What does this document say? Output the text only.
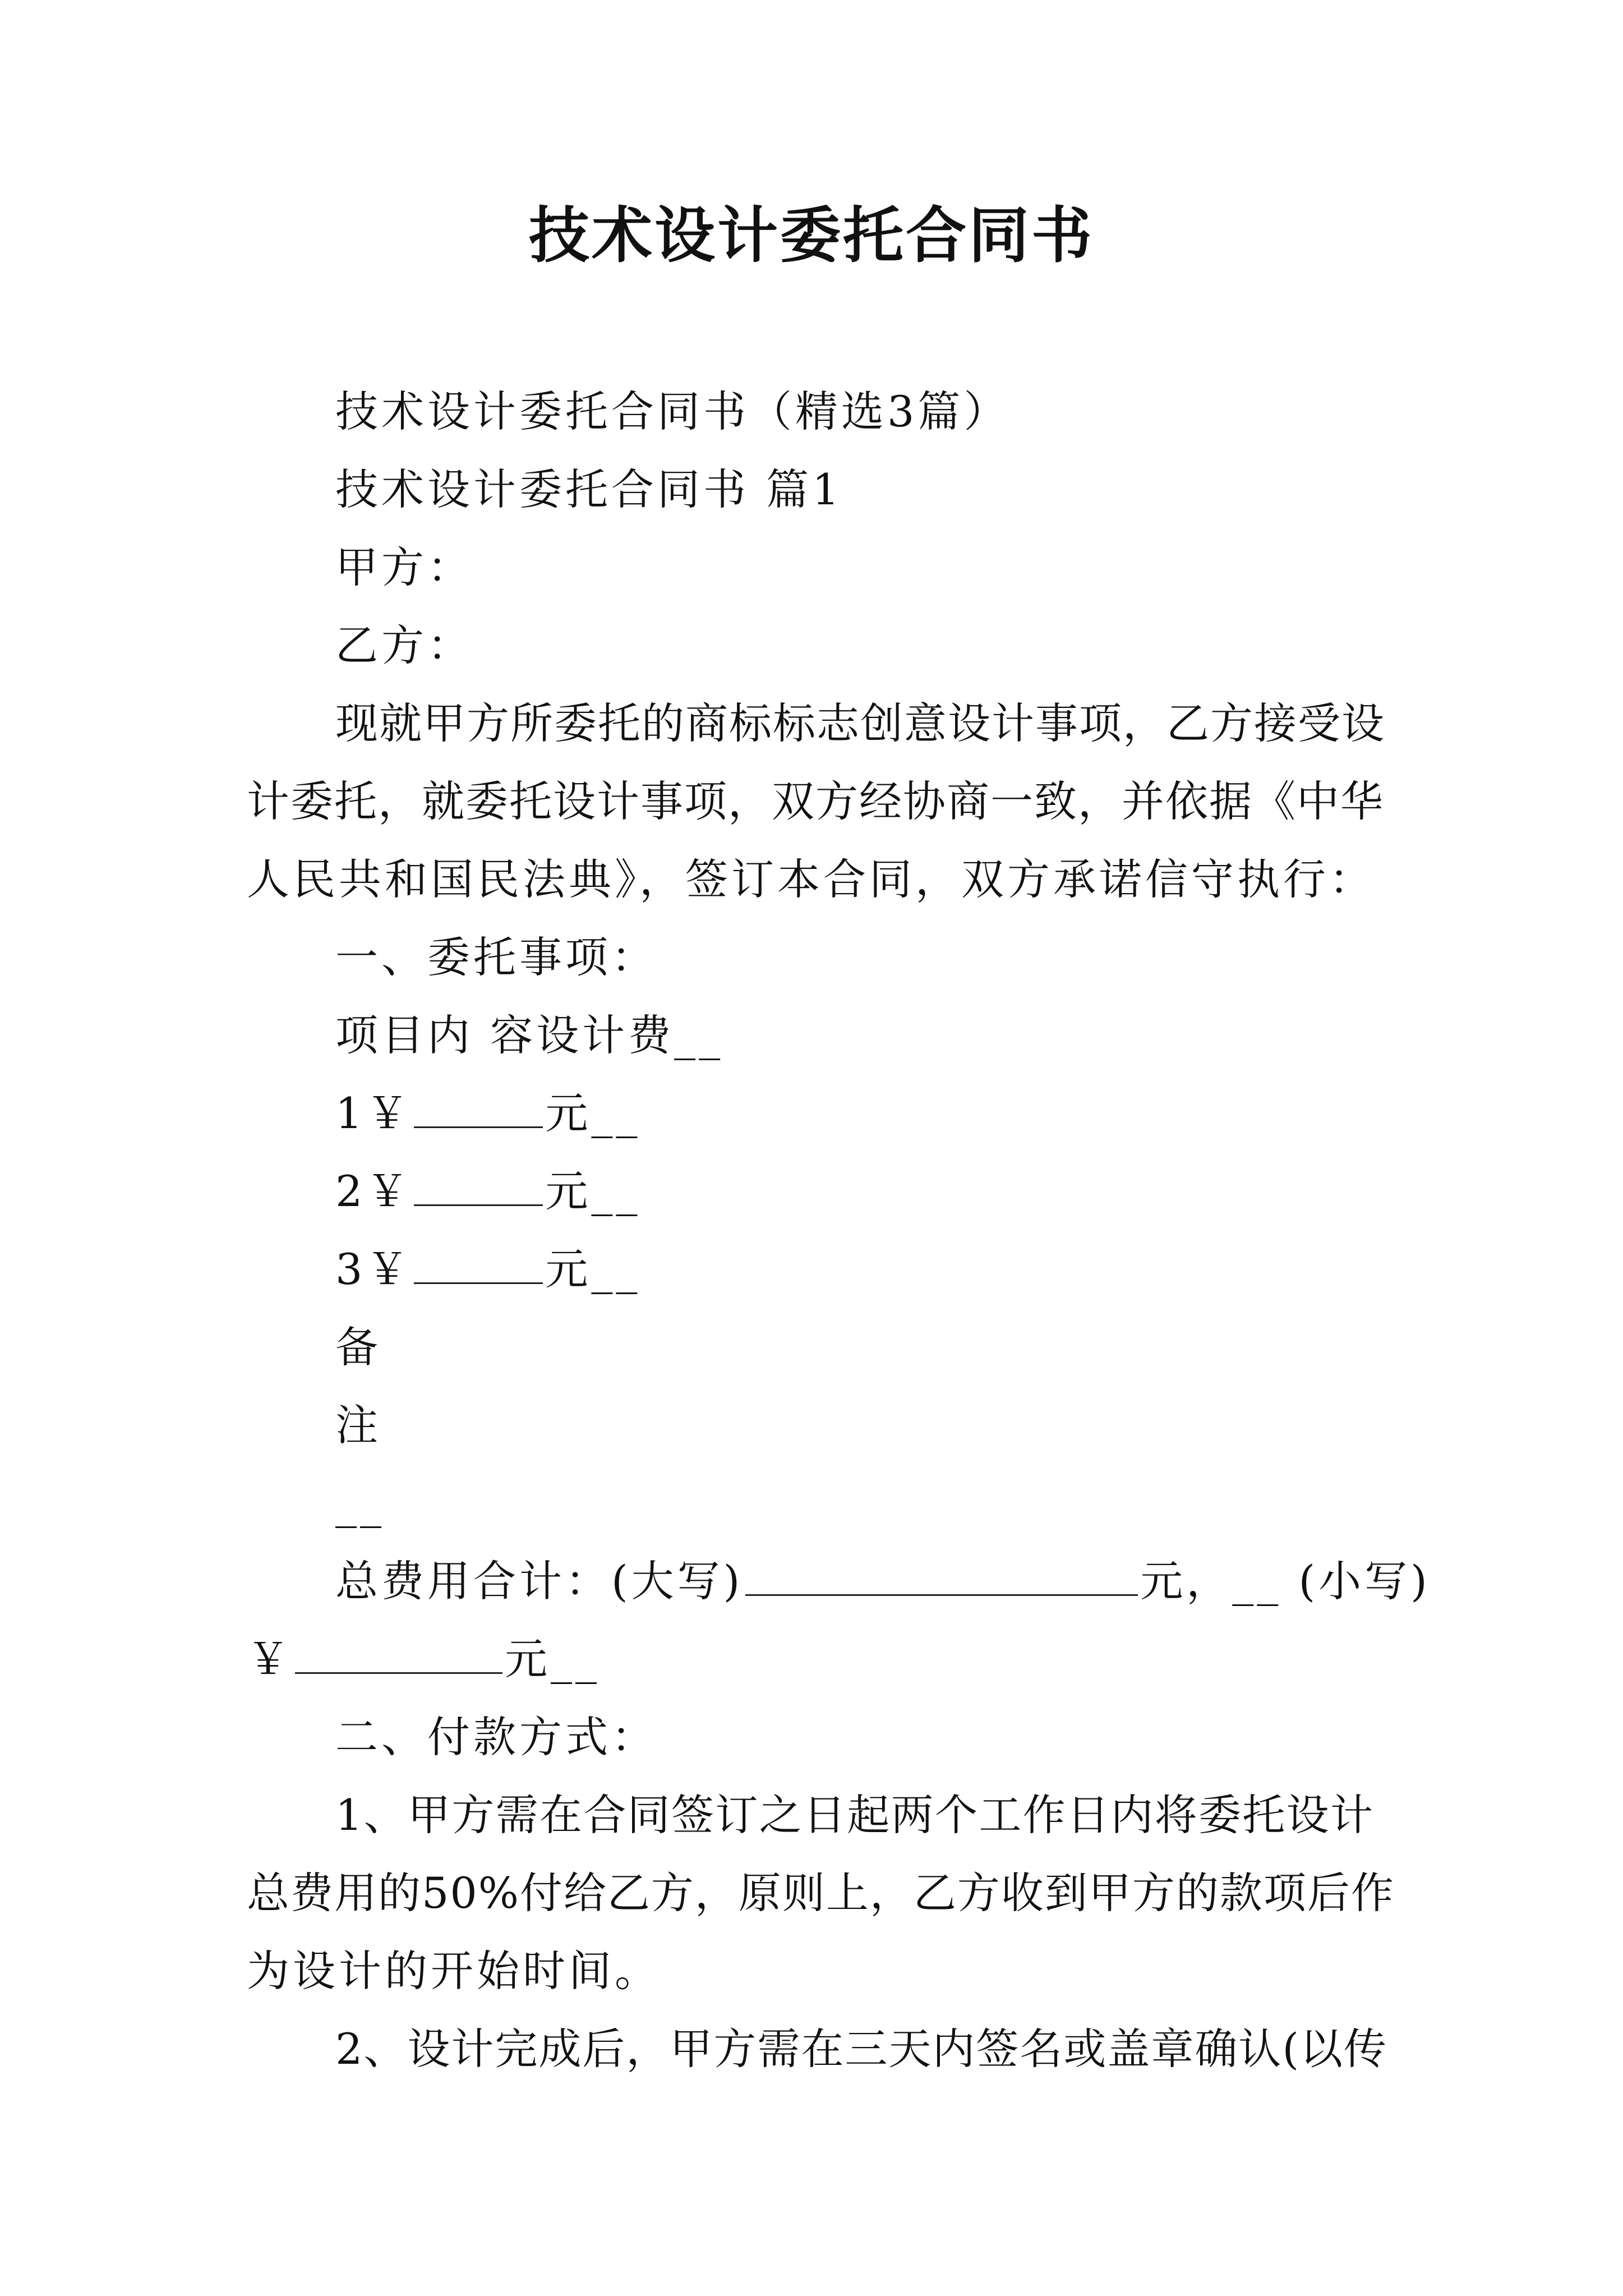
技术设计委托合同书
技术设计委托合同书（精选3篇）
技术设计委托合同书 篇1
甲方：
乙方：
现就甲方所委托的商标标志创意设计事项，乙方接受设
计委托，就委托设计事项，双方经协商一致，并依据《中华
人民共和国民法典》，签订本合同，双方承诺信守执行：
一、委托事项：
项目内 容设计费__
1￥	元__
2￥	元__
3￥	元__
备
注
__
总费用合计：(大写)	元，__ (小写)
￥	元__
二、付款方式：
1、甲方需在合同签订之日起两个工作日内将委托设计
总费用的50%付给乙方，原则上，乙方收到甲方的款项后作
为设计的开始时间。
2、设计完成后，甲方需在三天内签名或盖章确认(以传
